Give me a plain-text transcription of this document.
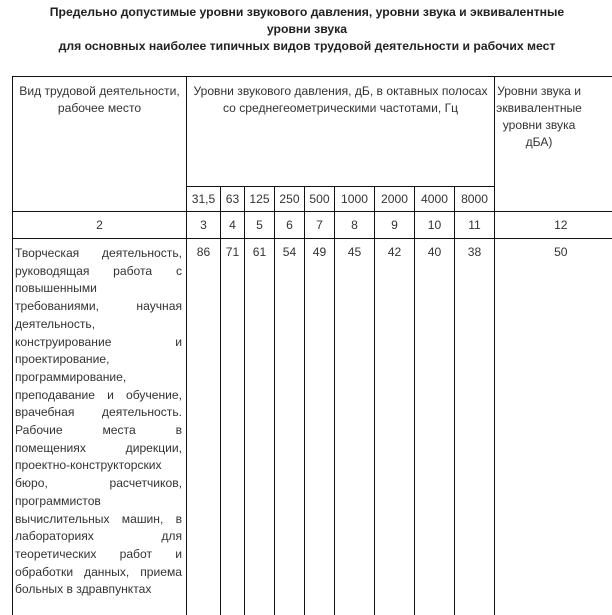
Предельно допустимые уровни звукового давления, уровни звука и эквивалентные
уровни звука
для основных наиболее типичных видов трудовой деятельности и рабочих мест
Вид трудовой деятельности, рабочее место	Уровни звукового давления, дБ, в октавных полосах со среднегеометрическими частотами, Гц									Уровни звука и эквивалентные уровни звука дБА)

	31,5	63	125	250	500	1000	2000	4000	8000	
2	3	4	5	6	7	8	9	10	11	12
Творческая деятельность, руководящая работа с повышенными требованиями, научная деятельность, конструирование и проектирование, программирование, преподавание и обучение, врачебная деятельность. Рабочие места в помещениях дирекции, проектно-конструкторских бюро, расчетчиков, программистов вычислительных машин, в лабораториях для теоретических работ и обработки данных, приема больных в здравпунктах	86	71	61	54	49	45	42	40	38	50
